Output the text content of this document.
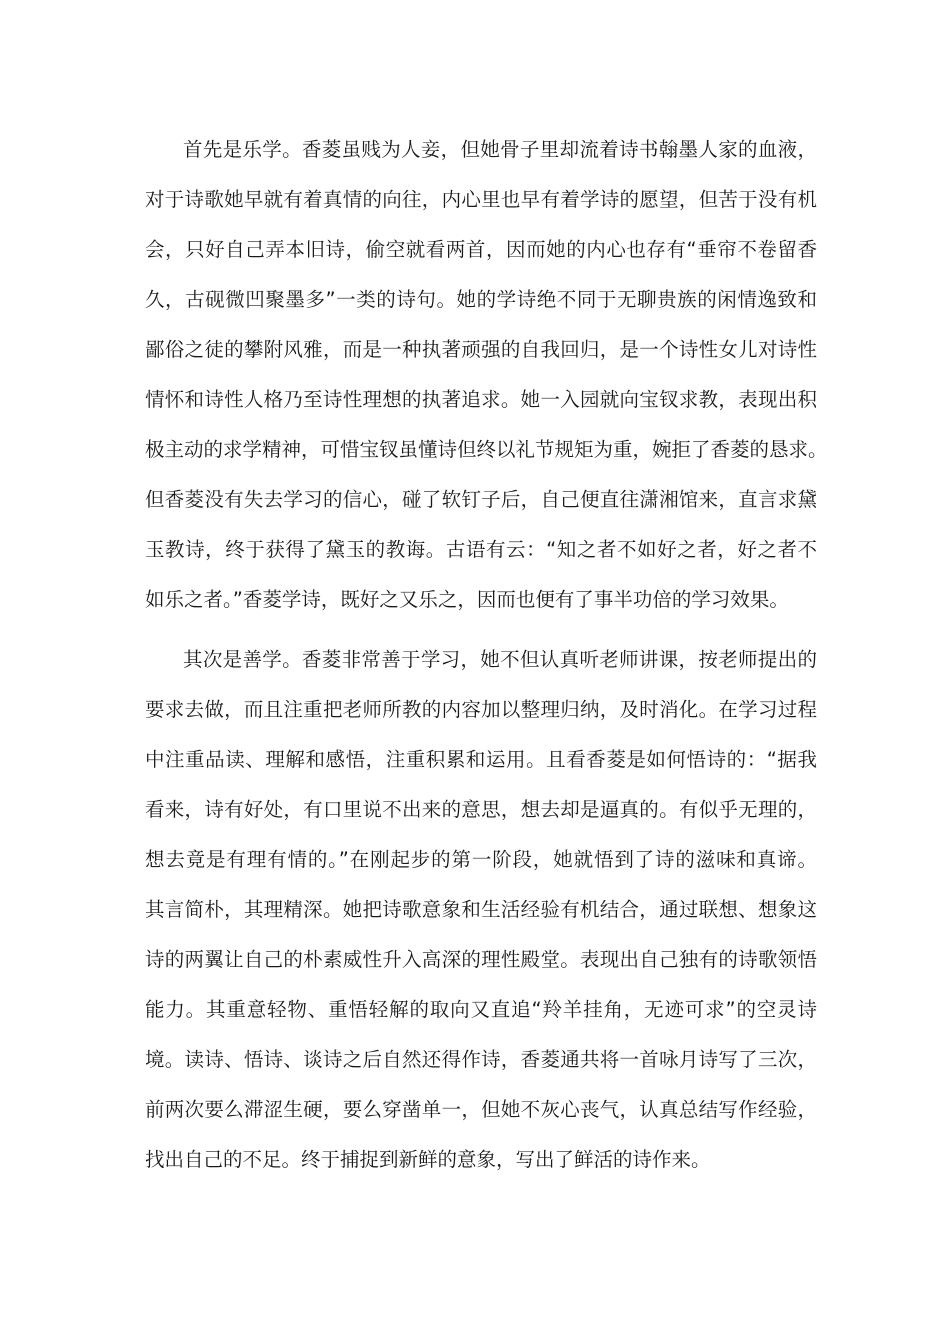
首先是乐学。香菱虽贱为人妾，但她骨子里却流着诗书翰墨人家的血液，
对于诗歌她早就有着真情的向往，内心里也早有着学诗的愿望，但苦于没有机
会，只好自己弄本旧诗，偷空就看两首，因而她的内心也存有“垂帘不卷留香
久，古砚微凹聚墨多”一类的诗句。她的学诗绝不同于无聊贵族的闲情逸致和
鄙俗之徒的攀附风雅，而是一种执著顽强的自我回归，是一个诗性女儿对诗性
情怀和诗性人格乃至诗性理想的执著追求。她一入园就向宝钗求教，表现出积
极主动的求学精神，可惜宝钗虽懂诗但终以礼节规矩为重，婉拒了香菱的恳求。
但香菱没有失去学习的信心，碰了软钉子后，自己便直往潇湘馆来，直言求黛
玉教诗，终于获得了黛玉的教诲。古语有云：“知之者不如好之者，好之者不
如乐之者。”香菱学诗，既好之又乐之，因而也便有了事半功倍的学习效果。
其次是善学。香菱非常善于学习，她不但认真听老师讲课，按老师提出的
要求去做，而且注重把老师所教的内容加以整理归纳，及时消化。在学习过程
中注重品读、理解和感悟，注重积累和运用。且看香菱是如何悟诗的：“据我
看来，诗有好处，有口里说不出来的意思，想去却是逼真的。有似乎无理的，
想去竟是有理有情的。”在刚起步的第一阶段，她就悟到了诗的滋味和真谛。
其言简朴，其理精深。她把诗歌意象和生活经验有机结合，通过联想、想象这
诗的两翼让自己的朴素威性升入高深的理性殿堂。表现出自己独有的诗歌领悟
能力。其重意轻物、重悟轻解的取向又直追“羚羊挂角，无迹可求”的空灵诗
境。读诗、悟诗、谈诗之后自然还得作诗，香菱通共将一首咏月诗写了三次，
前两次要么滞涩生硬，要么穿凿单一，但她不灰心丧气，认真总结写作经验，
找出自己的不足。终于捕捉到新鲜的意象，写出了鲜活的诗作来。
